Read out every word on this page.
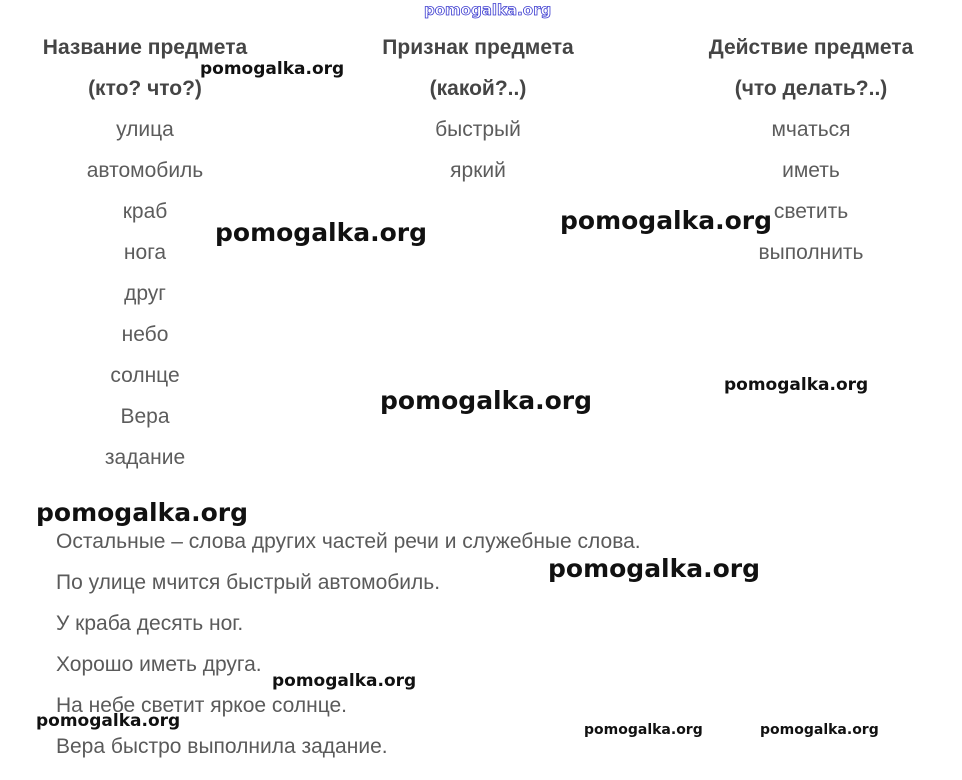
pomogalka.org
Название предмета
(кто? что?)
улица
автомобиль
краб
нога
друг
небо
солнце
Вера
задание
Признак предмета
(какой?..)
быстрый
яркий
Действие предмета
(что делать?..)
мчаться
иметь
светить
выполнить
Остальные – слова других частей речи и служебные слова.
По улице мчится быстрый автомобиль.
У краба десять ног.
Хорошо иметь друга.
На небе светит яркое солнце.
Вера быстро выполнила задание.
pomogalka.org
pomogalka.org	pomogalka.org
pomogalka.org
pomogalka.org
pomogalka.org
pomogalka.org
pomogalka.org
pomogalka.org	pomogalka.org	pomogalka.org
